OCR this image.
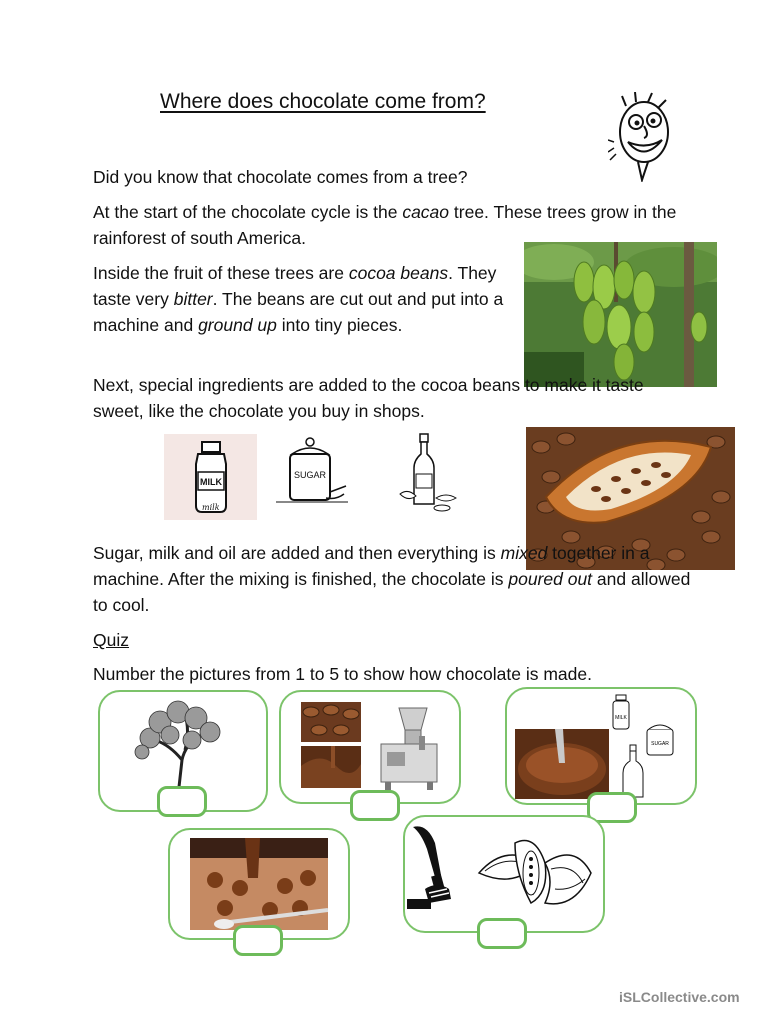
Where does chocolate come from?
Did you know that chocolate comes from a tree?
At the start of the chocolate cycle is the cacao tree. These trees grow in the rainforest of south America.
Inside the fruit of these trees are cocoa beans. They taste very bitter. The beans are cut out and put into a machine and ground up into tiny pieces.
Next, special ingredients are added to the cocoa beans to make it taste sweet, like the chocolate you buy in shops.
MILK
milk
SUGAR
Sugar, milk and oil are added and then everything is mixed together in a machine. After the mixing is finished, the chocolate is poured out and allowed to cool.
Quiz
Number the pictures from 1 to 5 to show how chocolate is made.
MILK
SUGAR
iSLCollective.com
